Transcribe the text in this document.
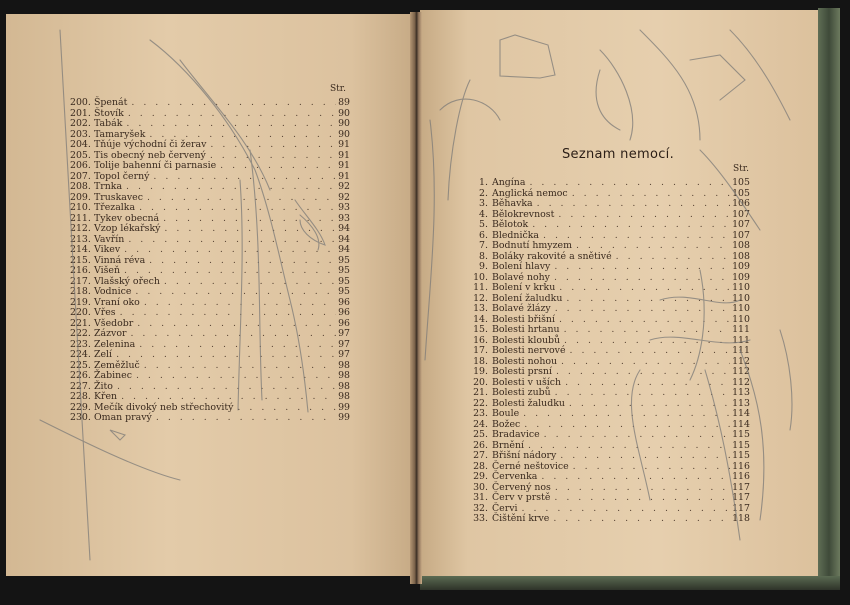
Str.
200. Špenát . . .	89
201. Štovík . . .	90
202. Tabák . . .	90
203. Tamaryšek . . .	90
204. Tňúje východní či žerav . . .	91
205. Tis obecný neb červený . . .	91
206. Tolije bahenní či parnasie . . .	91
207. Topol černý . . .	91
208. Trnka . . .	92
209. Truskavec . . .	92
210. Třezalka . . .	93
211. Tykev obecná . . .	93
212. Vzop lékařský . . .	94
213. Vavřín . . .	94
214. Vikev . . .	94
215. Vinná réva . . .	95
216. Višeň . . .	95
217. Vlašský ořech . . .	95
218. Vodnice . . .	95
219. Vraní oko . . .	96
220. Vřes . . .	96
221. Všedobr . . .	96
222. Zázvor . . .	97
223. Zelenina . . .	97
224. Zelí . . .	97
225. Zeměžluč . . .	98
226. Žabinec . . .	98
227. Žito . . .	98
228. Křen . . .	98
229. Mečík divoký neb střechovitý . . .	99
230. Oman pravý . . .	99
Seznam nemocí.
Str.
1. Angína . . .	105
2. Anglická nemoc . . .	105
3. Běhavka . . .	106
4. Bělokrevnost . . .	107
5. Bělotok . . .	107
6. Blednička . . .	107
7. Bodnutí hmyzem . . .	108
8. Boláky rakovité a snětivé . . .	108
9. Bolení hlavy . . .	109
10. Bolavé nohy . . .	109
11. Bolení v krku . . .	110
12. Bolení žaludku . . .	110
13. Bolavé žlázy . . .	110
14. Bolesti břišní . . .	110
15. Bolesti hrtanu . . .	111
16. Bolesti kloubů . . .	111
17. Bolesti nervové . . .	111
18. Bolesti nohou . . .	112
19. Bolesti prsní . . .	112
20. Bolesti v uších . . .	112
21. Bolesti zubů . . .	113
22. Bolesti žaludku . . .	113
23. Boule . . .	114
24. Božec . . .	114
25. Bradavice . . .	115
26. Brnění . . .	115
27. Břišní nádory . . .	115
28. Černé neštovice . . .	116
29. Červenka . . .	116
30. Červený nos . . .	117
31. Červ v prstě . . .	117
32. Červi . . .	117
33. Čištění krve . . .	118
